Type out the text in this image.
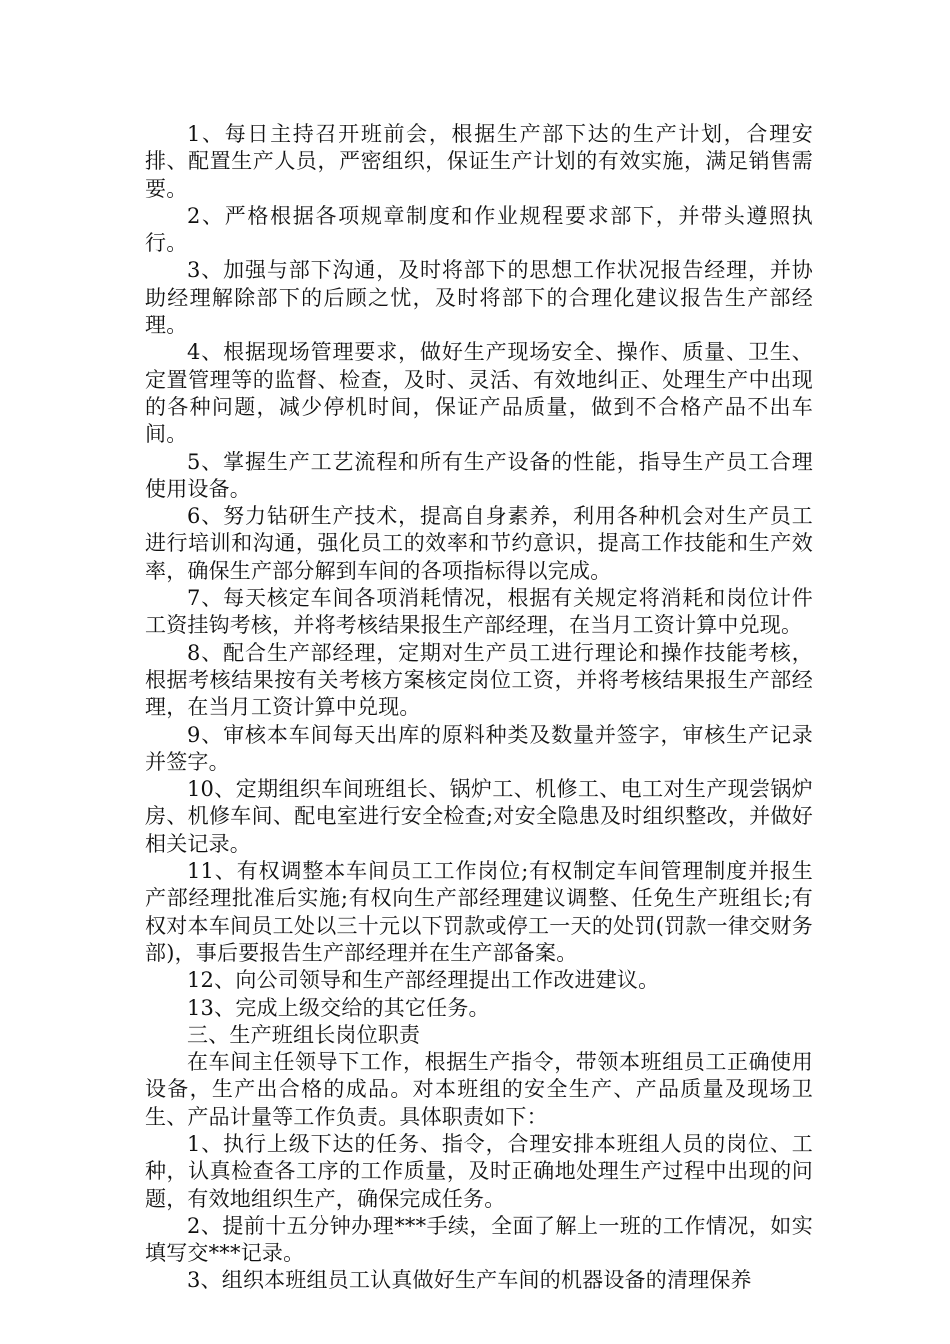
1、每日主持召开班前会，根据生产部下达的生产计划，合理安排、配置生产人员，严密组织，保证生产计划的有效实施，满足销售需要。

2、严格根据各项规章制度和作业规程要求部下，并带头遵照执行。

3、加强与部下沟通，及时将部下的思想工作状况报告经理，并协助经理解除部下的后顾之忧，及时将部下的合理化建议报告生产部经理。

4、根据现场管理要求，做好生产现场安全、操作、质量、卫生、定置管理等的监督、检查，及时、灵活、有效地纠正、处理生产中出现的各种问题，减少停机时间，保证产品质量，做到不合格产品不出车间。

5、掌握生产工艺流程和所有生产设备的性能，指导生产员工合理使用设备。

6、努力钻研生产技术，提高自身素养，利用各种机会对生产员工进行培训和沟通，强化员工的效率和节约意识，提高工作技能和生产效率，确保生产部分解到车间的各项指标得以完成。

7、每天核定车间各项消耗情况，根据有关规定将消耗和岗位计件工资挂钩考核，并将考核结果报生产部经理，在当月工资计算中兑现。

8、配合生产部经理，定期对生产员工进行理论和操作技能考核，根据考核结果按有关考核方案核定岗位工资，并将考核结果报生产部经理，在当月工资计算中兑现。

9、审核本车间每天出库的原料种类及数量并签字，审核生产记录并签字。

10、定期组织车间班组长、锅炉工、机修工、电工对生产现尝锅炉房、机修车间、配电室进行安全检查;对安全隐患及时组织整改，并做好相关记录。

11、有权调整本车间员工工作岗位;有权制定车间管理制度并报生产部经理批准后实施;有权向生产部经理建议调整、任免生产班组长;有权对本车间员工处以三十元以下罚款或停工一天的处罚(罚款一律交财务部)，事后要报告生产部经理并在生产部备案。

12、向公司领导和生产部经理提出工作改进建议。

13、完成上级交给的其它任务。

三、生产班组长岗位职责

在车间主任领导下工作，根据生产指令，带领本班组员工正确使用设备，生产出合格的成品。对本班组的安全生产、产品质量及现场卫生、产品计量等工作负责。具体职责如下：

1、执行上级下达的任务、指令，合理安排本班组人员的岗位、工种，认真检查各工序的工作质量，及时正确地处理生产过程中出现的问题，有效地组织生产，确保完成任务。

2、提前十五分钟办理***手续，全面了解上一班的工作情况，如实填写交***记录。

3、组织本班组员工认真做好生产车间的机器设备的清理保养
